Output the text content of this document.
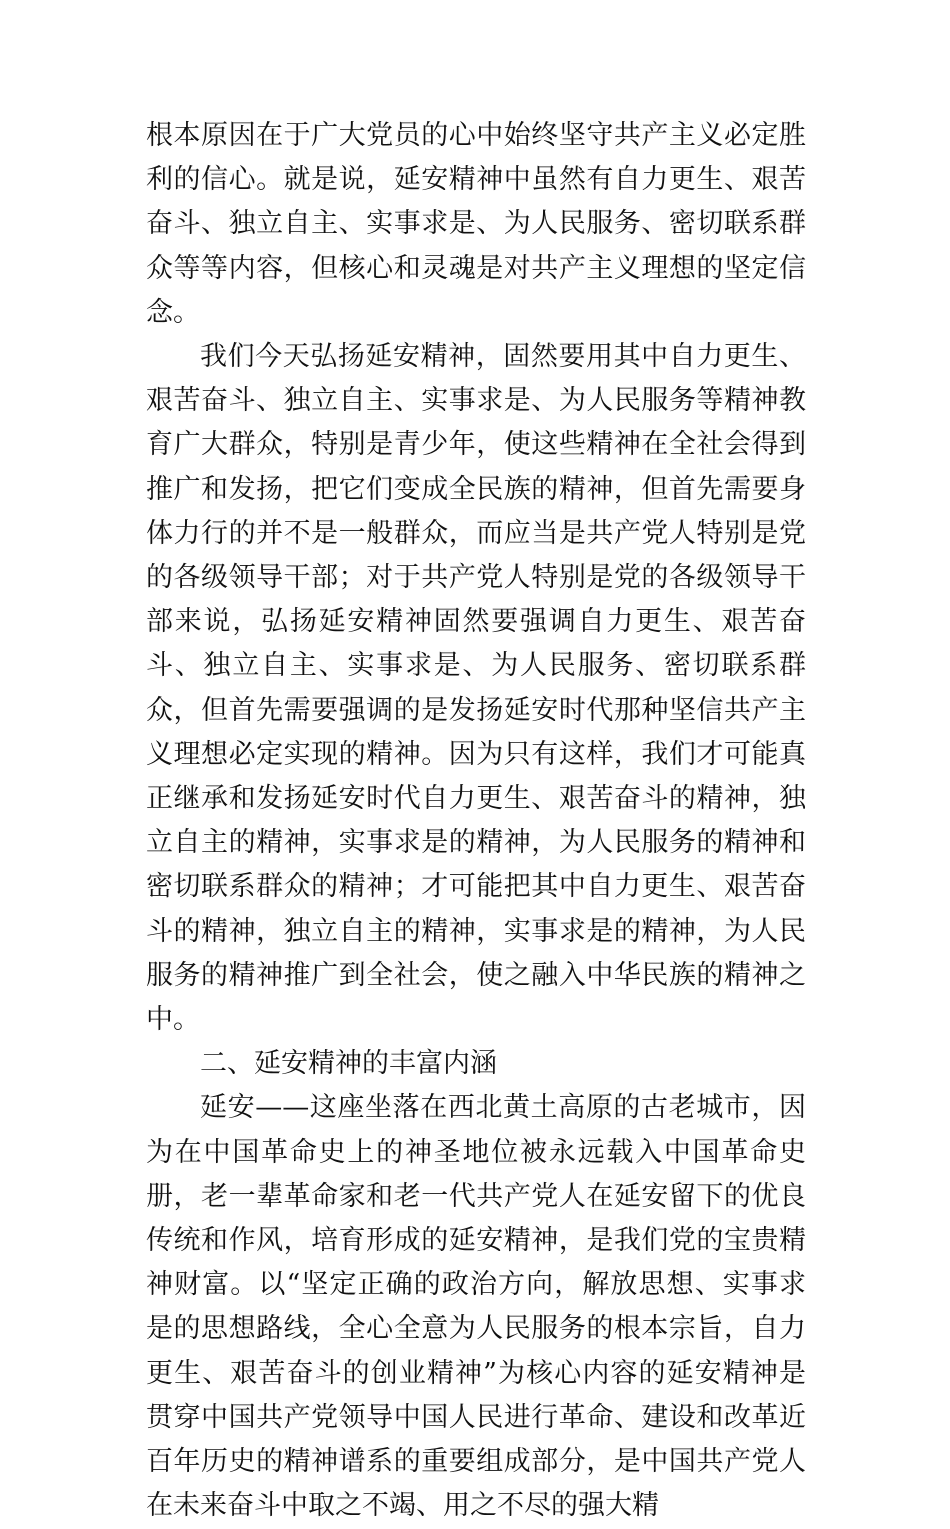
根本原因在于广大党员的心中始终坚守共产主义必定胜利的信心。就是说，延安精神中虽然有自力更生、艰苦奋斗、独立自主、实事求是、为人民服务、密切联系群众等等内容，但核心和灵魂是对共产主义理想的坚定信念。

我们今天弘扬延安精神，固然要用其中自力更生、艰苦奋斗、独立自主、实事求是、为人民服务等精神教育广大群众，特别是青少年，使这些精神在全社会得到推广和发扬，把它们变成全民族的精神，但首先需要身体力行的并不是一般群众，而应当是共产党人特别是党的各级领导干部；对于共产党人特别是党的各级领导干部来说，弘扬延安精神固然要强调自力更生、艰苦奋斗、独立自主、实事求是、为人民服务、密切联系群众，但首先需要强调的是发扬延安时代那种坚信共产主义理想必定实现的精神。因为只有这样，我们才可能真正继承和发扬延安时代自力更生、艰苦奋斗的精神，独立自主的精神，实事求是的精神，为人民服务的精神和密切联系群众的精神；才可能把其中自力更生、艰苦奋斗的精神，独立自主的精神，实事求是的精神，为人民服务的精神推广到全社会，使之融入中华民族的精神之中。

二、延安精神的丰富内涵

延安——这座坐落在西北黄土高原的古老城市，因为在中国革命史上的神圣地位被永远载入中国革命史册，老一辈革命家和老一代共产党人在延安留下的优良传统和作风，培育形成的延安精神，是我们党的宝贵精神财富。以“坚定正确的政治方向，解放思想、实事求是的思想路线，全心全意为人民服务的根本宗旨，自力更生、艰苦奋斗的创业精神”为核心内容的延安精神是贯穿中国共产党领导中国人民进行革命、建设和改革近百年历史的精神谱系的重要组成部分，是中国共产党人在未来奋斗中取之不竭、用之不尽的强大精
